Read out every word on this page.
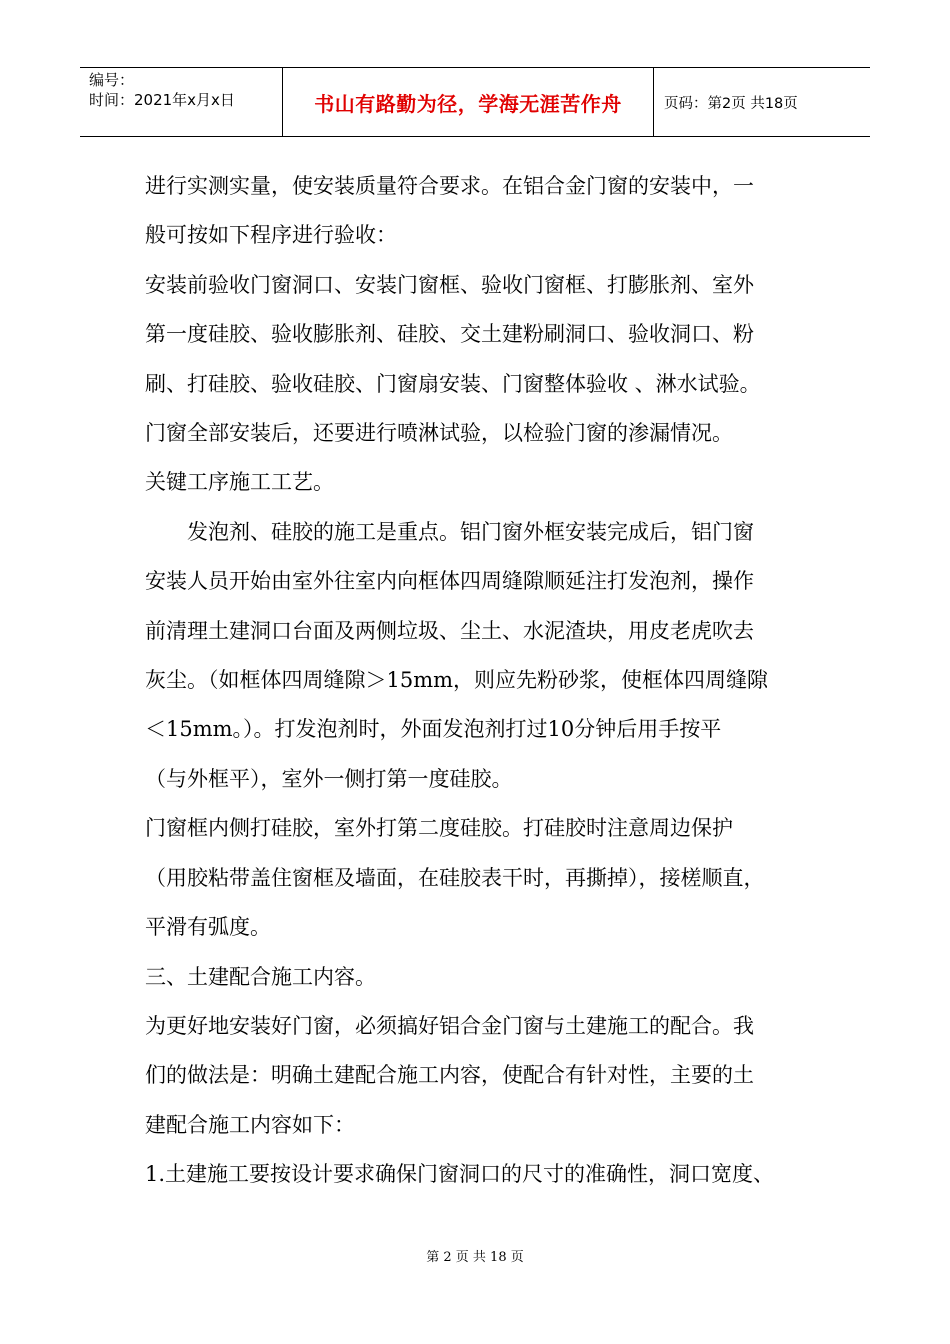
编号：
时间：2021年x月x日	书山有路勤为径，学海无涯苦作舟	页码：第2页 共18页

进行实测实量，使安装质量符合要求。在铝合金门窗的安装中，一

般可按如下程序进行验收：

安装前验收门窗洞口、安装门窗框、验收门窗框、打膨胀剂、室外

第一度硅胶、验收膨胀剂、硅胶、交土建粉刷洞口、验收洞口、粉

刷、打硅胶、验收硅胶、门窗扇安装、门窗整体验收 、淋水试验。

门窗全部安装后，还要进行喷淋试验，以检验门窗的渗漏情况。

关键工序施工工艺。

发泡剂、硅胶的施工是重点。铝门窗外框安装完成后，铝门窗

安装人员开始由室外往室内向框体四周缝隙顺延注打发泡剂，操作

前清理土建洞口台面及两侧垃圾、尘土、水泥渣块，用皮老虎吹去

灰尘。（如框体四周缝隙＞15mm，则应先粉砂浆，使框体四周缝隙

＜15mm。）。打发泡剂时，外面发泡剂打过10分钟后用手按平

（与外框平），室外一侧打第一度硅胶。

门窗框内侧打硅胶，室外打第二度硅胶。打硅胶时注意周边保护

（用胶粘带盖住窗框及墙面，在硅胶表干时，再撕掉），接槎顺直，

平滑有弧度。

三、土建配合施工内容。

为更好地安装好门窗，必须搞好铝合金门窗与土建施工的配合。我

们的做法是：明确土建配合施工内容，使配合有针对性，主要的土

建配合施工内容如下：

1.土建施工要按设计要求确保门窗洞口的尺寸的准确性，洞口宽度、

第 2 页 共 18 页
